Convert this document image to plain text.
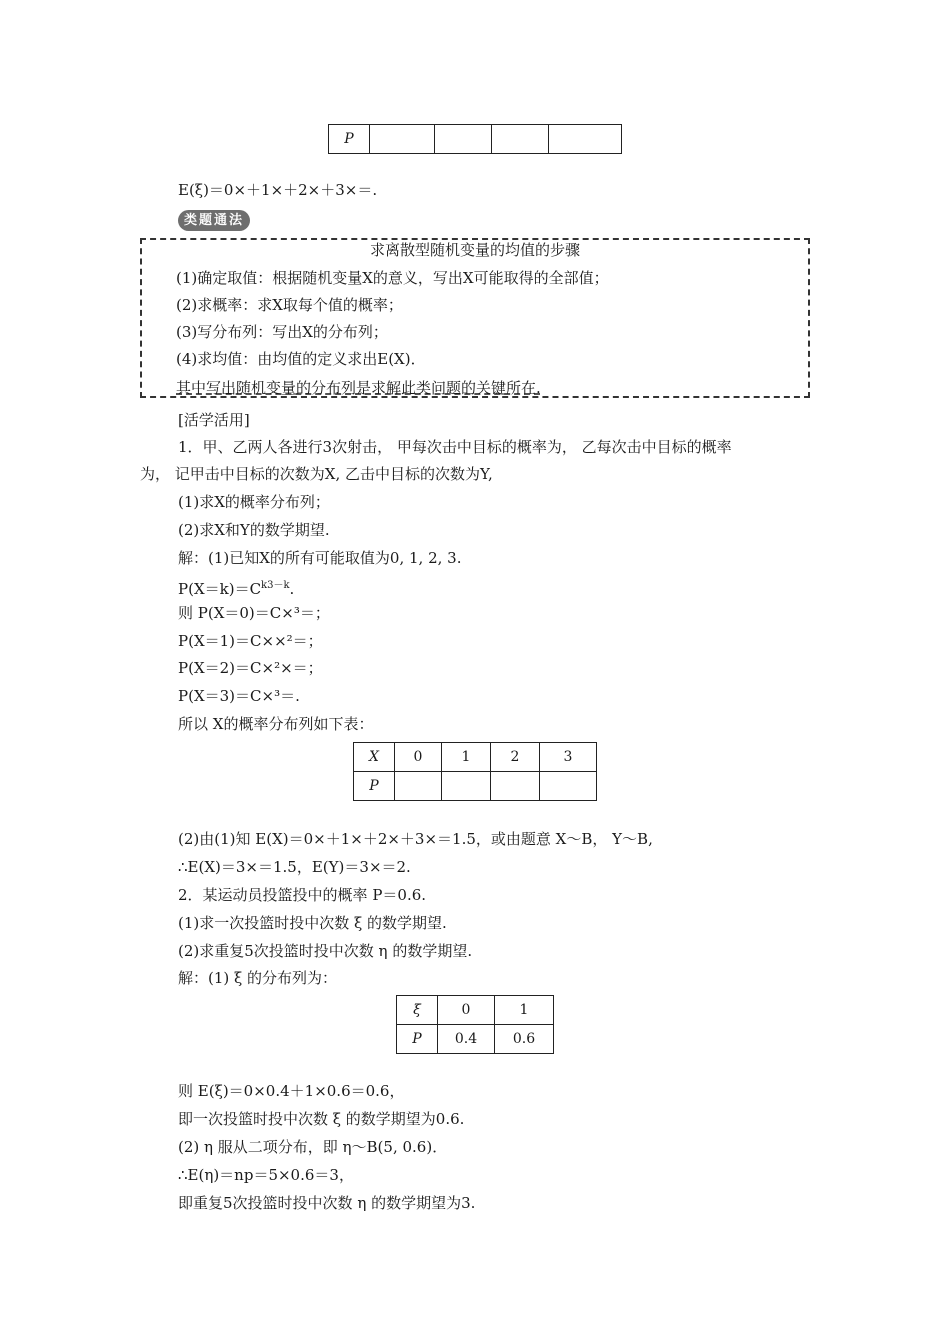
P				
E(ξ)＝0×＋1×＋2×＋3×＝.
类题通法
求离散型随机变量的均值的步骤
(1)确定取值：根据随机变量X的意义，写出X可能取得的全部值；
(2)求概率：求X取每个值的概率；
(3)写分布列：写出X的分布列；
(4)求均值：由均值的定义求出E(X)．
其中写出随机变量的分布列是求解此类问题的关键所在.
[活学活用]
1．甲、乙两人各进行3次射击， 甲每次击中目标的概率为， 乙每次击中目标的概率
为， 记甲击中目标的次数为X, 乙击中目标的次数为Y,
(1)求X的概率分布列；
(2)求X和Y的数学期望.
解：(1)已知X的所有可能取值为0, 1, 2, 3.
$P(X=k)=C^{k3-k}$.
则 P(X＝0)＝C×³＝；
P(X＝1)＝C××²＝；
P(X＝2)＝C×²×＝；
P(X＝3)＝C×³＝.
所以 X的概率分布列如下表：
X	0	1	2	3
P				
(2)由(1)知 E(X)＝0×＋1×＋2×＋3×＝1.5，或由题意 X～B， Y～B,
∴E(X)＝3×＝1.5，E(Y)＝3×＝2.
2．某运动员投篮投中的概率 P＝0.6.
(1)求一次投篮时投中次数 ξ 的数学期望.
(2)求重复5次投篮时投中次数 η 的数学期望.
解：(1) ξ 的分布列为：
ξ	0	1
P	0.4	0.6
则 E(ξ)＝0×0.4＋1×0.6＝0.6，
即一次投篮时投中次数 ξ 的数学期望为0.6.
(2) η 服从二项分布，即 η～B(5, 0.6)．
∴E(η)＝np＝5×0.6＝3，
即重复5次投篮时投中次数 η 的数学期望为3.
